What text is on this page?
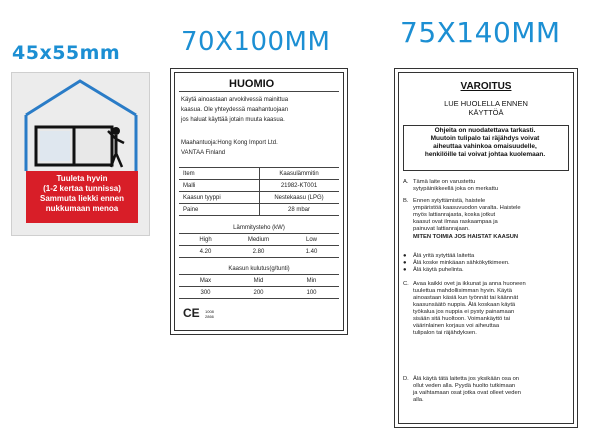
45x55mm 70X100MM 75X140MM
Tuuleta hyvin
(1-2 kertaa tunnissa)
Sammuta liekki ennen
nukkumaan menoa
HUOMIO
Käytä ainoastaan arvokilvessä mainittua
kaasua. Ole yhteydessä maahantuojaan
jos haluat käyttää jotain muuta kaasua.
Maahantuoja:Hong Kong Import Ltd.
VANTAA Finland
Item	Kaasulämmitin
Malli	21982-KT001
Kaasun tyyppi	Nestekaasu (LPG)
Paine	28 mbar
Lämmitysteho (kW)
High	Medium	Low
4.20	2.80	1.40
Kaasun kulutus(g/tunti)
Max	Mid	Min
300	200	100
CE 1008
2866
VAROITUS
LUE HUOLELLA ENNEN
KÄYTTÖÄ
Ohjeita on nuodatettava tarkasti.
Muutoin tulipalo tai räjähdys voivat
aiheuttaa vahinkoa omaisuudelle,
henkilöille tai voivat johtaa kuolemaan.
A. Tämä laite on varustettu
sytypäinikkeellä joka on merkattu
B. Ennen sytyttämistä, haistele
ympäristöä kaasuvuodon varalta. Haistele
myös lattianrajasta, koska jotkut
kaasut ovat ilmaa raskaampaa ja
painuvat lattianrajaan.
MITEN TOIMIA JOS HAISTAT KAASUN
● Älä yritä sytyttää laitetta
● Älä koske minkäaan sähkökytkimeen.
● Älä käytä puhelinta.
C. Avaa kaikki ovet ja ikkunat ja anna huoneen
tuulettua mahdollisimman hyvin. Käytä
ainoastaan käsiä kun työnnät tai käännät
kaasunsäätö nuppia. Älä koskaan käytä
työkalua jos nuppia ei pysty painamaan
sisään sitä huoltoon. Voimankäyttö tai
väärinlainen korjaus voi aiheuttaa
tulipalon tai räjähdyksen.
D. Älä käytä tätä laitetta jos yksikään osa on
ollut veden alla. Pyydä huolto tutkimaan
ja vaihtamaan osat jotka ovat olleet veden
alla.
